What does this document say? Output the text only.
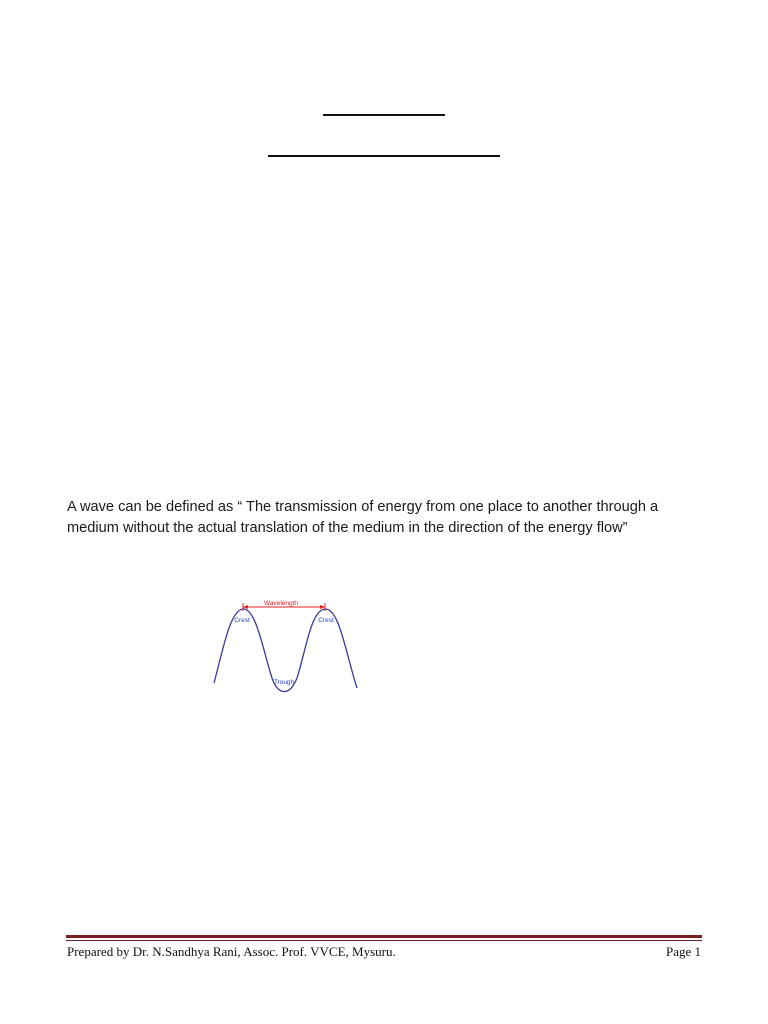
A wave can be defined as “ The transmission of energy from one place to another through a
medium without the actual translation of the medium in the direction of the energy flow”
Wavelength
Crest	Crest
Trough
Prepared by Dr. N.Sandhya Rani, Assoc. Prof. VVCE, Mysuru.	Page 1
